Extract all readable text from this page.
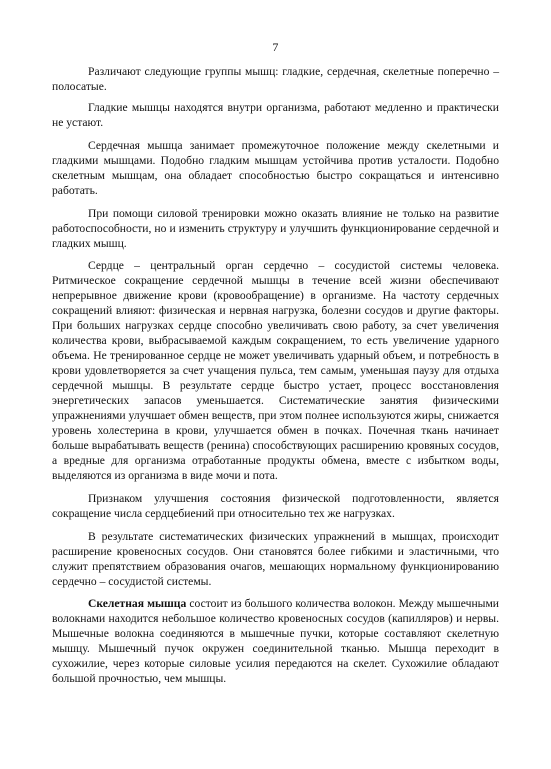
7

Различают следующие группы мышц: гладкие, сердечная, скелетные поперечно – полосатые.

Гладкие мышцы находятся внутри организма, работают медленно и практически не устают.

Сердечная мышца занимает промежуточное положение между скелетными и гладкими мышцами. Подобно гладким мышцам устойчива против усталости. Подобно скелетным мышцам, она обладает способностью быстро сокращаться и интенсивно работать.

При помощи силовой тренировки можно оказать влияние не только на развитие работоспособности, но и изменить структуру и улучшить функционирование сердечной и гладких мышц.

Сердце – центральный орган сердечно – сосудистой системы человека. Ритмическое сокращение сердечной мышцы в течение всей жизни обеспечивают непрерывное движение крови (кровообращение) в организме. На частоту сердечных сокращений влияют: физическая и нервная нагрузка, болезни сосудов и другие факторы. При больших нагрузках сердце способно увеличивать свою работу, за счет увеличения количества крови, выбрасываемой каждым сокращением, то есть увеличение ударного объема. Не тренированное сердце не может увеличивать ударный объем, и потребность в крови удовлетворяется за счет учащения пульса, тем самым, уменьшая паузу для отдыха сердечной мышцы. В результате сердце быстро устает, процесс восстановления энергетических запасов уменьшается. Систематические занятия физическими упражнениями улучшает обмен веществ, при этом полнее используются жиры, снижается уровень холестерина в крови, улучшается обмен в почках. Почечная ткань начинает больше вырабатывать веществ (ренина) способствующих расширению кровяных сосудов, а вредные для организма отработанные продукты обмена, вместе с избытком воды, выделяются из организма в виде мочи и пота.

Признаком улучшения состояния физической подготовленности, является сокращение числа сердцебиений при относительно тех же нагрузках.

В результате систематических физических упражнений в мышцах, происходит расширение кровеносных сосудов. Они становятся более гибкими и эластичными, что служит препятствием образования очагов, мешающих нормальному функционированию сердечно – сосудистой системы.

Скелетная мышца состоит из большого количества волокон. Между мышечными волокнами находится небольшое количество кровеносных сосудов (капилляров) и нервы. Мышечные волокна соединяются в мышечные пучки, которые составляют скелетную мышцу. Мышечный пучок окружен соединительной тканью. Мышца переходит в сухожилие, через которые силовые усилия передаются на скелет. Сухожилие обладают большой прочностью, чем мышцы.
